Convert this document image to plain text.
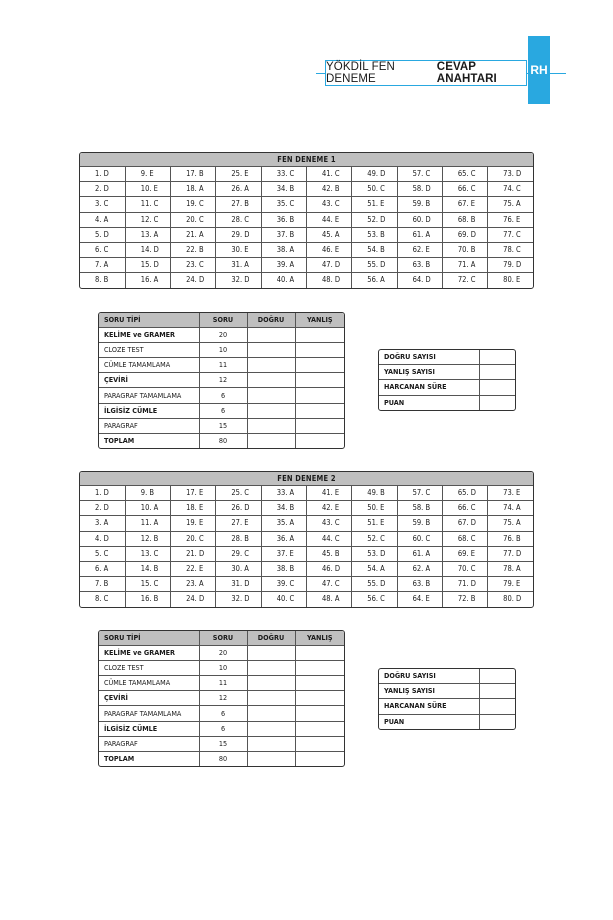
YÖKDİL FEN DENEME
CEVAP ANAHTARI
RH
FEN DENEME 1
1. D	9. E	17. B	25. E	33. C	41. C	49. D	57. C	65. C	73. D
2. D	10. E	18. A	26. A	34. B	42. B	50. C	58. D	66. C	74. C
3. C	11. C	19. C	27. B	35. C	43. C	51. E	59. B	67. E	75. A
4. A	12. C	20. C	28. C	36. B	44. E	52. D	60. D	68. B	76. E
5. D	13. A	21. A	29. D	37. B	45. A	53. B	61. A	69. D	77. C
6. C	14. D	22. B	30. E	38. A	46. E	54. B	62. E	70. B	78. C
7. A	15. D	23. C	31. A	39. A	47. D	55. D	63. B	71. A	79. D
8. B	16. A	24. D	32. D	40. A	48. D	56. A	64. D	72. C	80. E
SORU TİPİ	SORU	DOĞRU	YANLIŞ
KELİME ve GRAMER	20		
CLOZE TEST	10		
CÜMLE TAMAMLAMA	11		
ÇEVİRİ	12		
PARAGRAF TAMAMLAMA	6		
İLGİSİZ CÜMLE	6		
PARAGRAF	15		
TOPLAM	80		
DOĞRU SAYISI	
YANLIŞ SAYISI	
HARCANAN SÜRE	
PUAN	
FEN DENEME 2
1. D	9. B	17. E	25. C	33. A	41. E	49. B	57. C	65. D	73. E
2. D	10. A	18. E	26. D	34. B	42. E	50. E	58. B	66. C	74. A
3. A	11. A	19. E	27. E	35. A	43. C	51. E	59. B	67. D	75. A
4. D	12. B	20. C	28. B	36. A	44. C	52. C	60. C	68. C	76. B
5. C	13. C	21. D	29. C	37. E	45. B	53. D	61. A	69. E	77. D
6. A	14. B	22. E	30. A	38. B	46. D	54. A	62. A	70. C	78. A
7. B	15. C	23. A	31. D	39. C	47. C	55. D	63. B	71. D	79. E
8. C	16. B	24. D	32. D	40. C	48. A	56. C	64. E	72. B	80. D
SORU TİPİ	SORU	DOĞRU	YANLIŞ
KELİME ve GRAMER	20		
CLOZE TEST	10		
CÜMLE TAMAMLAMA	11		
ÇEVİRİ	12		
PARAGRAF TAMAMLAMA	6		
İLGİSİZ CÜMLE	6		
PARAGRAF	15		
TOPLAM	80		
DOĞRU SAYISI	
YANLIŞ SAYISI	
HARCANAN SÜRE	
PUAN	
